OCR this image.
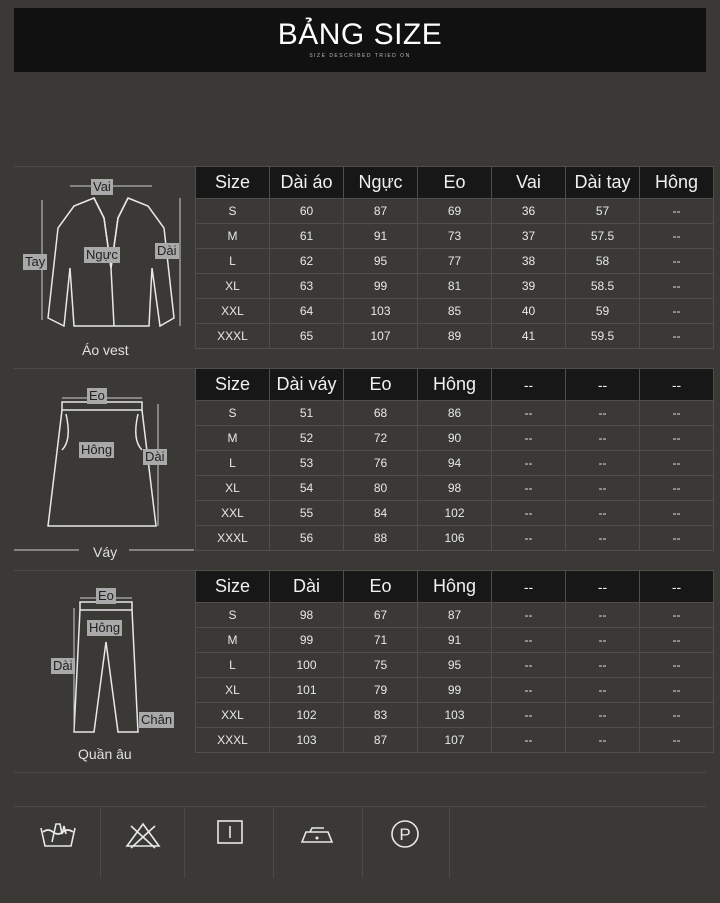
BẢNG SIZE
SIZE DESCRIBED TRIED ON
Vai
Tay	Ngực	Dài
Áo vest
Eo
Hông	Dài
Váy
Eo
Hông
Dài
Chân
Quần âu
Size	Dài áo	Ngực	Eo	Vai	Dài tay	Hông
S	60	87	69	36	57	--
M	61	91	73	37	57.5	--
L	62	95	77	38	58	--
XL	63	99	81	39	58.5	--
XXL	64	103	85	40	59	--
XXXL	65	107	89	41	59.5	--
Size	Dài váy	Eo	Hông	--	--	--
S	51	68	86	--	--	--
M	52	72	90	--	--	--
L	53	76	94	--	--	--
XL	54	80	98	--	--	--
XXL	55	84	102	--	--	--
XXXL	56	88	106	--	--	--
Size	Dài	Eo	Hông	--	--	--
S	98	67	87	--	--	--
M	99	71	91	--	--	--
L	100	75	95	--	--	--
XL	101	79	99	--	--	--
XXL	102	83	103	--	--	--
XXXL	103	87	107	--	--	--
P
